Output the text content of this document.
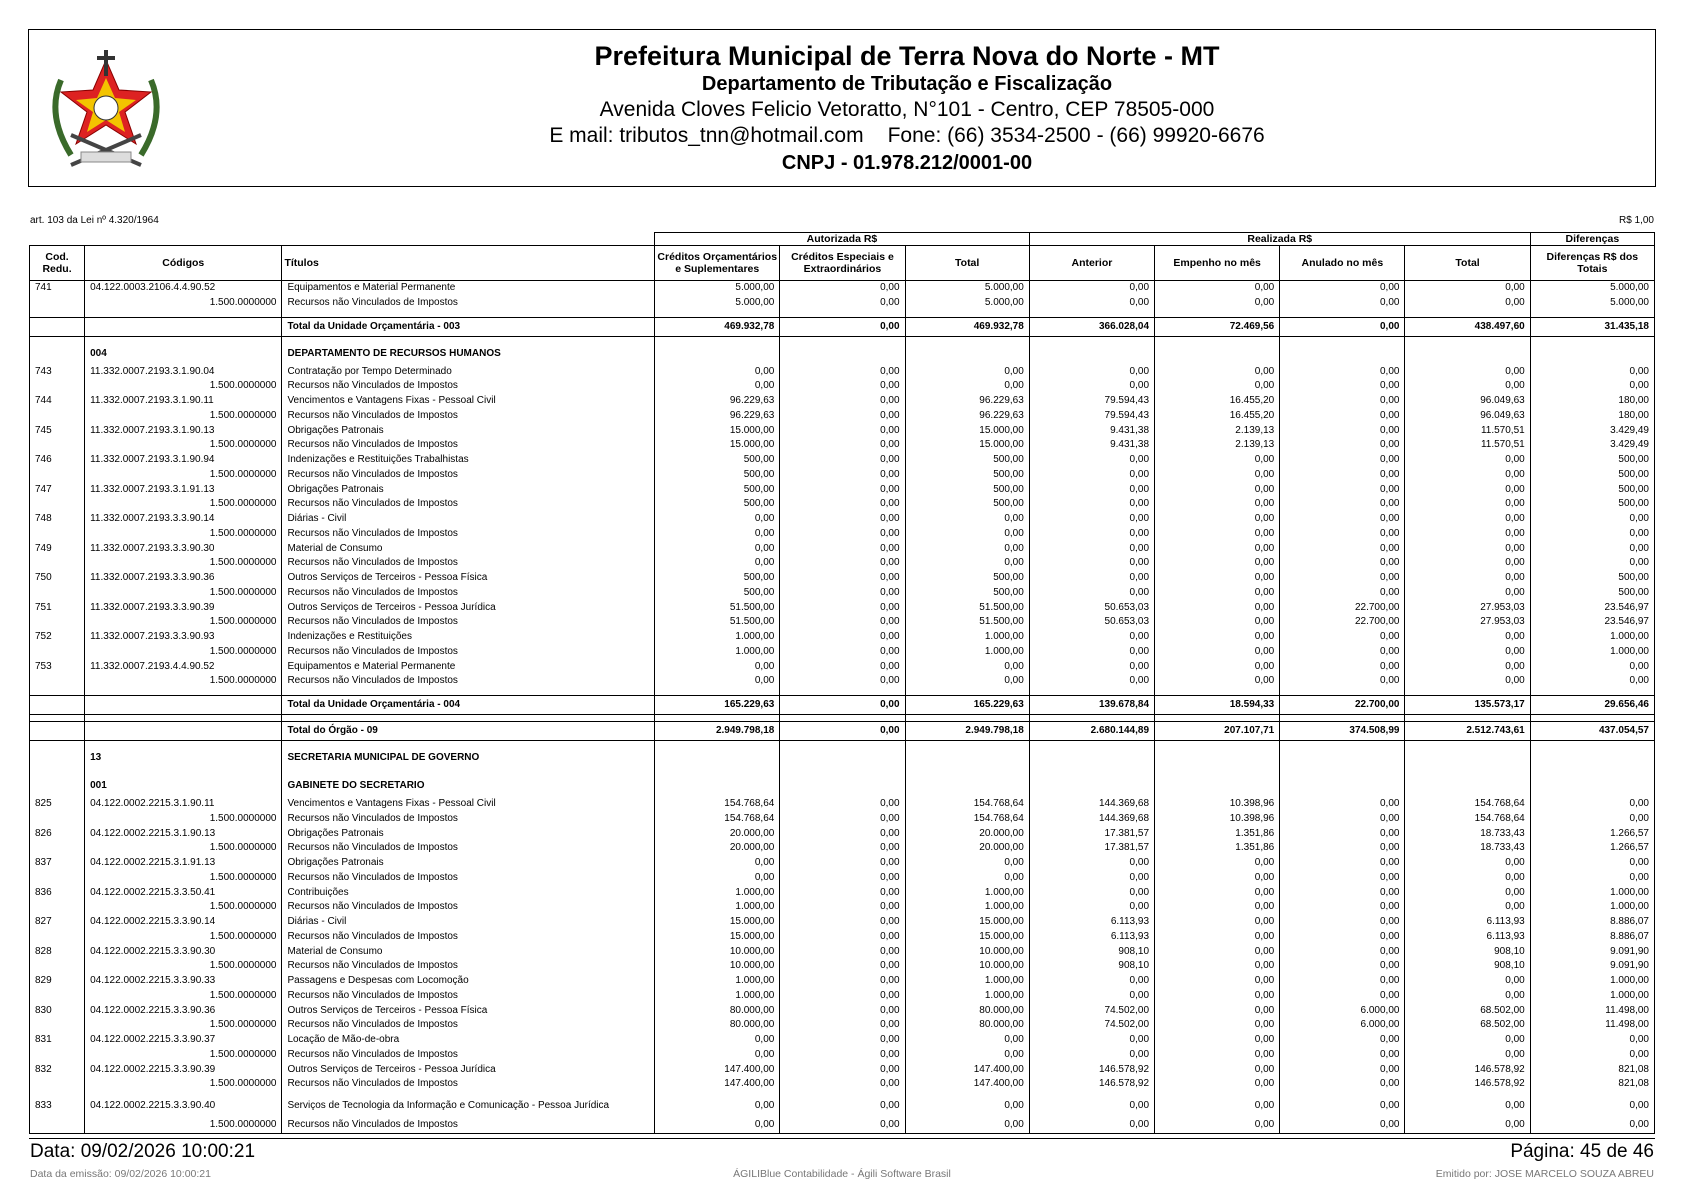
Prefeitura Municipal de Terra Nova do Norte - MT
Departamento de Tributação e Fiscalização
Avenida Cloves Felicio Vetoratto, N°101 - Centro, CEP 78505-000
E mail: tributos_tnn@hotmail.com Fone: (66) 3534-2500 - (66) 99920-6676
CNPJ - 01.978.212/0001-00
art. 103 da Lei nº 4.320/1964	R$ 1,00
			Autorizada R$			Realizada R$				Diferenças
Cod. Redu.	Códigos	Títulos	Créditos Orçamentários e Suplementares	Créditos Especiais e Extraordinários	Total	Anterior	Empenho no mês	Anulado no mês	Total	Diferenças R$ dos Totais
741	04.122.0003.2106.4.4.90.52	Equipamentos e Material Permanente	5.000,00	0,00	5.000,00	0,00	0,00	0,00	0,00	5.000,00
	1.500.0000000	Recursos não Vinculados de Impostos	5.000,00	0,00	5.000,00	0,00	0,00	0,00	0,00	5.000,00

		Total da Unidade Orçamentária - 003	469.932,78	0,00	469.932,78	366.028,04	72.469,56	0,00	438.497,60	31.435,18

	004	DEPARTAMENTO DE RECURSOS HUMANOS								
743	11.332.0007.2193.3.1.90.04	Contratação por Tempo Determinado	0,00	0,00	0,00	0,00	0,00	0,00	0,00	0,00
	1.500.0000000	Recursos não Vinculados de Impostos	0,00	0,00	0,00	0,00	0,00	0,00	0,00	0,00
744	11.332.0007.2193.3.1.90.11	Vencimentos e Vantagens Fixas - Pessoal Civil	96.229,63	0,00	96.229,63	79.594,43	16.455,20	0,00	96.049,63	180,00
	1.500.0000000	Recursos não Vinculados de Impostos	96.229,63	0,00	96.229,63	79.594,43	16.455,20	0,00	96.049,63	180,00
745	11.332.0007.2193.3.1.90.13	Obrigações Patronais	15.000,00	0,00	15.000,00	9.431,38	2.139,13	0,00	11.570,51	3.429,49
	1.500.0000000	Recursos não Vinculados de Impostos	15.000,00	0,00	15.000,00	9.431,38	2.139,13	0,00	11.570,51	3.429,49
746	11.332.0007.2193.3.1.90.94	Indenizações e Restituições Trabalhistas	500,00	0,00	500,00	0,00	0,00	0,00	0,00	500,00
	1.500.0000000	Recursos não Vinculados de Impostos	500,00	0,00	500,00	0,00	0,00	0,00	0,00	500,00
747	11.332.0007.2193.3.1.91.13	Obrigações Patronais	500,00	0,00	500,00	0,00	0,00	0,00	0,00	500,00
	1.500.0000000	Recursos não Vinculados de Impostos	500,00	0,00	500,00	0,00	0,00	0,00	0,00	500,00
748	11.332.0007.2193.3.3.90.14	Diárias - Civil	0,00	0,00	0,00	0,00	0,00	0,00	0,00	0,00
	1.500.0000000	Recursos não Vinculados de Impostos	0,00	0,00	0,00	0,00	0,00	0,00	0,00	0,00
749	11.332.0007.2193.3.3.90.30	Material de Consumo	0,00	0,00	0,00	0,00	0,00	0,00	0,00	0,00
	1.500.0000000	Recursos não Vinculados de Impostos	0,00	0,00	0,00	0,00	0,00	0,00	0,00	0,00
750	11.332.0007.2193.3.3.90.36	Outros Serviços de Terceiros - Pessoa Física	500,00	0,00	500,00	0,00	0,00	0,00	0,00	500,00
	1.500.0000000	Recursos não Vinculados de Impostos	500,00	0,00	500,00	0,00	0,00	0,00	0,00	500,00
751	11.332.0007.2193.3.3.90.39	Outros Serviços de Terceiros - Pessoa Jurídica	51.500,00	0,00	51.500,00	50.653,03	0,00	22.700,00	27.953,03	23.546,97
	1.500.0000000	Recursos não Vinculados de Impostos	51.500,00	0,00	51.500,00	50.653,03	0,00	22.700,00	27.953,03	23.546,97
752	11.332.0007.2193.3.3.90.93	Indenizações e Restituições	1.000,00	0,00	1.000,00	0,00	0,00	0,00	0,00	1.000,00
	1.500.0000000	Recursos não Vinculados de Impostos	1.000,00	0,00	1.000,00	0,00	0,00	0,00	0,00	1.000,00
753	11.332.0007.2193.4.4.90.52	Equipamentos e Material Permanente	0,00	0,00	0,00	0,00	0,00	0,00	0,00	0,00
	1.500.0000000	Recursos não Vinculados de Impostos	0,00	0,00	0,00	0,00	0,00	0,00	0,00	0,00

		Total da Unidade Orçamentária - 004	165.229,63	0,00	165.229,63	139.678,84	18.594,33	22.700,00	135.573,17	29.656,46

		Total do Órgão - 09	2.949.798,18	0,00	2.949.798,18	2.680.144,89	207.107,71	374.508,99	2.512.743,61	437.054,57

	13	SECRETARIA MUNICIPAL DE GOVERNO								

	001	GABINETE DO SECRETARIO								
825	04.122.0002.2215.3.1.90.11	Vencimentos e Vantagens Fixas - Pessoal Civil	154.768,64	0,00	154.768,64	144.369,68	10.398,96	0,00	154.768,64	0,00
	1.500.0000000	Recursos não Vinculados de Impostos	154.768,64	0,00	154.768,64	144.369,68	10.398,96	0,00	154.768,64	0,00
826	04.122.0002.2215.3.1.90.13	Obrigações Patronais	20.000,00	0,00	20.000,00	17.381,57	1.351,86	0,00	18.733,43	1.266,57
	1.500.0000000	Recursos não Vinculados de Impostos	20.000,00	0,00	20.000,00	17.381,57	1.351,86	0,00	18.733,43	1.266,57
837	04.122.0002.2215.3.1.91.13	Obrigações Patronais	0,00	0,00	0,00	0,00	0,00	0,00	0,00	0,00
	1.500.0000000	Recursos não Vinculados de Impostos	0,00	0,00	0,00	0,00	0,00	0,00	0,00	0,00
836	04.122.0002.2215.3.3.50.41	Contribuições	1.000,00	0,00	1.000,00	0,00	0,00	0,00	0,00	1.000,00
	1.500.0000000	Recursos não Vinculados de Impostos	1.000,00	0,00	1.000,00	0,00	0,00	0,00	0,00	1.000,00
827	04.122.0002.2215.3.3.90.14	Diárias - Civil	15.000,00	0,00	15.000,00	6.113,93	0,00	0,00	6.113,93	8.886,07
	1.500.0000000	Recursos não Vinculados de Impostos	15.000,00	0,00	15.000,00	6.113,93	0,00	0,00	6.113,93	8.886,07
828	04.122.0002.2215.3.3.90.30	Material de Consumo	10.000,00	0,00	10.000,00	908,10	0,00	0,00	908,10	9.091,90
	1.500.0000000	Recursos não Vinculados de Impostos	10.000,00	0,00	10.000,00	908,10	0,00	0,00	908,10	9.091,90
829	04.122.0002.2215.3.3.90.33	Passagens e Despesas com Locomoção	1.000,00	0,00	1.000,00	0,00	0,00	0,00	0,00	1.000,00
	1.500.0000000	Recursos não Vinculados de Impostos	1.000,00	0,00	1.000,00	0,00	0,00	0,00	0,00	1.000,00
830	04.122.0002.2215.3.3.90.36	Outros Serviços de Terceiros - Pessoa Física	80.000,00	0,00	80.000,00	74.502,00	0,00	6.000,00	68.502,00	11.498,00
	1.500.0000000	Recursos não Vinculados de Impostos	80.000,00	0,00	80.000,00	74.502,00	0,00	6.000,00	68.502,00	11.498,00
831	04.122.0002.2215.3.3.90.37	Locação de Mão-de-obra	0,00	0,00	0,00	0,00	0,00	0,00	0,00	0,00
	1.500.0000000	Recursos não Vinculados de Impostos	0,00	0,00	0,00	0,00	0,00	0,00	0,00	0,00
832	04.122.0002.2215.3.3.90.39	Outros Serviços de Terceiros - Pessoa Jurídica	147.400,00	0,00	147.400,00	146.578,92	0,00	0,00	146.578,92	821,08
	1.500.0000000	Recursos não Vinculados de Impostos	147.400,00	0,00	147.400,00	146.578,92	0,00	0,00	146.578,92	821,08
833	04.122.0002.2215.3.3.90.40	Serviços de Tecnologia da Informação e Comunicação - Pessoa Jurídica	0,00	0,00	0,00	0,00	0,00	0,00	0,00	0,00
	1.500.0000000	Recursos não Vinculados de Impostos	0,00	0,00	0,00	0,00	0,00	0,00	0,00	0,00
Data: 09/02/2026 10:00:21	Página: 45 de 46
Data da emissão: 09/02/2026 10:00:21	ÁGILIBlue Contabilidade - Ágili Software Brasil	Emitido por: JOSE MARCELO SOUZA ABREU
